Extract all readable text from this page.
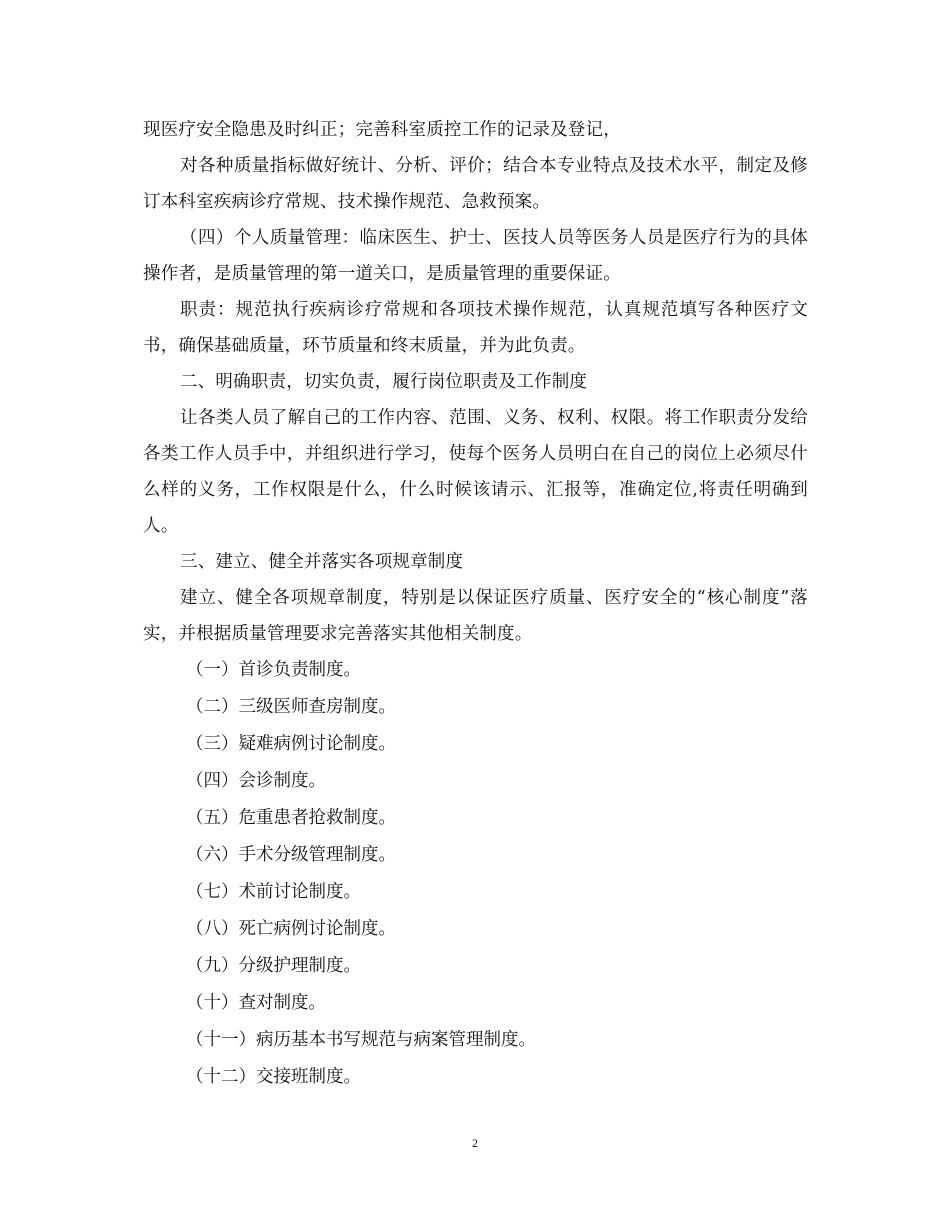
现医疗安全隐患及时纠正；完善科室质控工作的记录及登记，

对各种质量指标做好统计、分析、评价；结合本专业特点及技术水平，制定及修订本科室疾病诊疗常规、技术操作规范、急救预案。

（四）个人质量管理：临床医生、护士、医技人员等医务人员是医疗行为的具体操作者，是质量管理的第一道关口，是质量管理的重要保证。

职责：规范执行疾病诊疗常规和各项技术操作规范，认真规范填写各种医疗文书，确保基础质量，环节质量和终末质量，并为此负责。

二、明确职责，切实负责，履行岗位职责及工作制度

让各类人员了解自己的工作内容、范围、义务、权利、权限。将工作职责分发给各类工作人员手中，并组织进行学习，使每个医务人员明白在自己的岗位上必须尽什么样的义务，工作权限是什么，什么时候该请示、汇报等，准确定位,将责任明确到人。

三、建立、健全并落实各项规章制度

建立、健全各项规章制度，特别是以保证医疗质量、医疗安全的“核心制度”落实，并根据质量管理要求完善落实其他相关制度。

（一）首诊负责制度。

（二）三级医师查房制度。

（三）疑难病例讨论制度。

（四）会诊制度。

（五）危重患者抢救制度。

（六）手术分级管理制度。

（七）术前讨论制度。

（八）死亡病例讨论制度。

（九）分级护理制度。

（十）查对制度。

（十一）病历基本书写规范与病案管理制度。

（十二）交接班制度。

2
